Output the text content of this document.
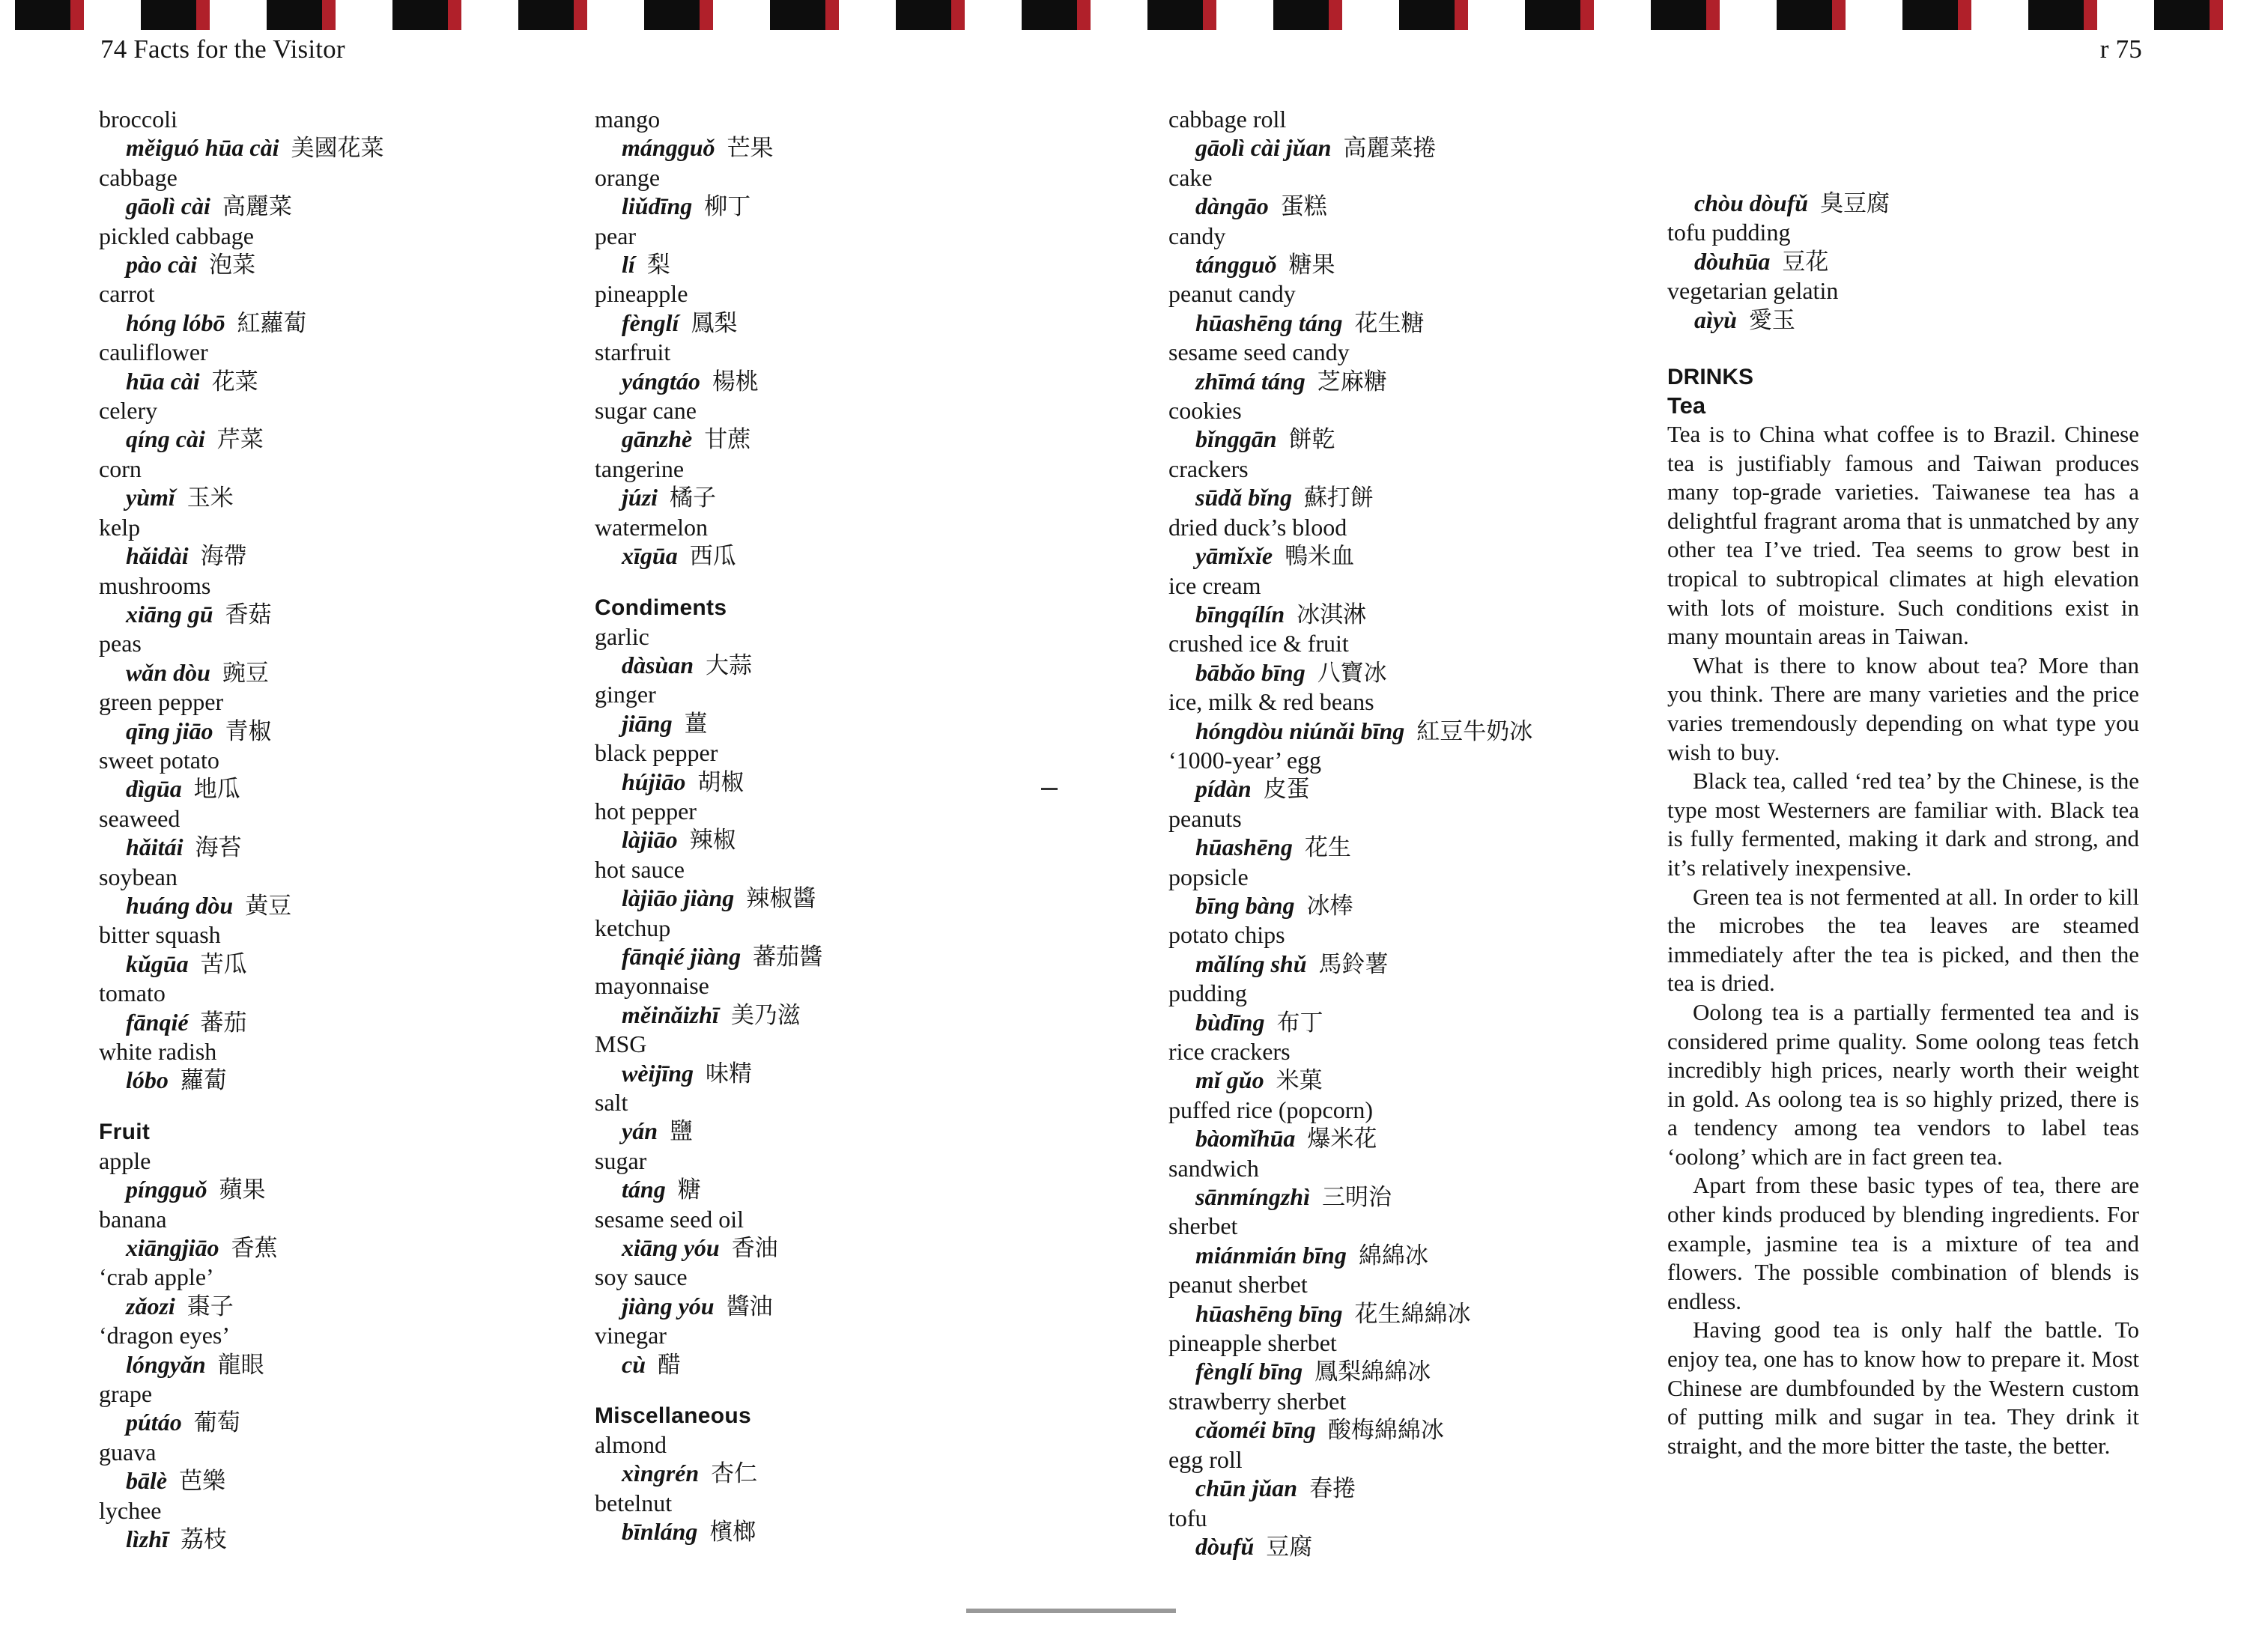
74 Facts for the Visitor	r 75
broccoli
měiguó hūa cài 美國花菜
cabbage
gāolì cài 高麗菜
pickled cabbage
pào cài 泡菜
carrot
hóng lóbō 紅蘿蔔
cauliflower
hūa cài 花菜
celery
qíng cài 芹菜
corn
yùmǐ 玉米
kelp
hǎidài 海帶
mushrooms
xiāng gū 香菇
peas
wǎn dòu 豌豆
green pepper
qīng jiāo 青椒
sweet potato
dìgūa 地瓜
seaweed
hǎitái 海苔
soybean
huáng dòu 黃豆
bitter squash
kǔgūa 苦瓜
tomato
fānqié 蕃茄
white radish
lóbo 蘿蔔
Fruit
apple
píngguǒ 蘋果
banana
xiāngjiāo 香蕉
‘crab apple’
zǎozi 棗子
‘dragon eyes’
lóngyǎn 龍眼
grape
pútáo 葡萄
guava
bālè 芭樂
lychee
lìzhī 荔枝
mango
mángguǒ 芒果
orange
liǔdīng 柳丁
pear
lí 梨
pineapple
fènglí 鳳梨
starfruit
yángtáo 楊桃
sugar cane
gānzhè 甘蔗
tangerine
júzi 橘子
watermelon
xīgūa 西瓜
Condiments
garlic
dàsùan 大蒜
ginger
jiāng 薑
black pepper
hújiāo 胡椒
hot pepper
làjiāo 辣椒
hot sauce
làjiāo jiàng 辣椒醬
ketchup
fānqié jiàng 蕃茄醬
mayonnaise
měinǎizhī 美乃滋
MSG
wèijīng 味精
salt
yán 鹽
sugar
táng 糖
sesame seed oil
xiāng yóu 香油
soy sauce
jiàng yóu 醬油
vinegar
cù 醋
Miscellaneous
almond
xìngrén 杏仁
betelnut
bīnláng 檳榔
cabbage roll
gāolì cài jǔan 高麗菜捲
cake
dàngāo 蛋糕
candy
tángguǒ 糖果
peanut candy
hūashēng táng 花生糖
sesame seed candy
zhīmá táng 芝麻糖
cookies
bǐnggān 餅乾
crackers
sūdǎ bǐng 蘇打餅
dried duck’s blood
yāmǐxǐe 鴨米血
ice cream
bīngqílín 冰淇淋
crushed ice & fruit
bābǎo bīng 八寶冰
ice, milk & red beans
hóngdòu niúnǎi bīng 紅豆牛奶冰
‘1000-year’ egg
pídàn 皮蛋
peanuts
hūashēng 花生
popsicle
bīng bàng 冰棒
potato chips
mǎlíng shǔ 馬鈴薯
pudding
bùdīng 布丁
rice crackers
mǐ gǔo 米菓
puffed rice (popcorn)
bàomǐhūa 爆米花
sandwich
sānmíngzhì 三明治
sherbet
miánmián bīng 綿綿冰
peanut sherbet
hūashēng bīng 花生綿綿冰
pineapple sherbet
fènglí bīng 鳳梨綿綿冰
strawberry sherbet
cǎoméi bīng 酸梅綿綿冰
egg roll
chūn jǔan 春捲
tofu
dòufǔ 豆腐
chòu dòufǔ 臭豆腐
tofu pudding
dòuhūa 豆花
vegetarian gelatin
aìyù 愛玉
DRINKS
Tea

Tea is to China what coffee is to Brazil. Chinese tea is justifiably famous and Taiwan produces many top-grade varieties. Taiwanese tea has a delightful fragrant aroma that is unmatched by any other tea I’ve tried. Tea seems to grow best in tropical to subtropical climates at high elevation with lots of moisture. Such conditions exist in many mountain areas in Taiwan.

What is there to know about tea? More than you think. There are many varieties and the price varies tremendously depending on what type you wish to buy.

Black tea, called ‘red tea’ by the Chinese, is the type most Westerners are familiar with. Black tea is fully fermented, making it dark and strong, and it’s relatively inexpensive.

Green tea is not fermented at all. In order to kill the microbes the tea leaves are steamed immediately after the tea is picked, and then the tea is dried.

Oolong tea is a partially fermented tea and is considered prime quality. Some oolong teas fetch incredibly high prices, nearly worth their weight in gold. As oolong tea is so highly prized, there is a tendency among tea vendors to label teas ‘oolong’ which are in fact green tea.

Apart from these basic types of tea, there are other kinds produced by blending ingredients. For example, jasmine tea is a mixture of tea and flowers. The possible combination of blends is endless.

Having good tea is only half the battle. To enjoy tea, one has to know how to prepare it. Most Chinese are dumbfounded by the Western custom of putting milk and sugar in tea. They drink it straight, and the more bitter the taste, the better.
